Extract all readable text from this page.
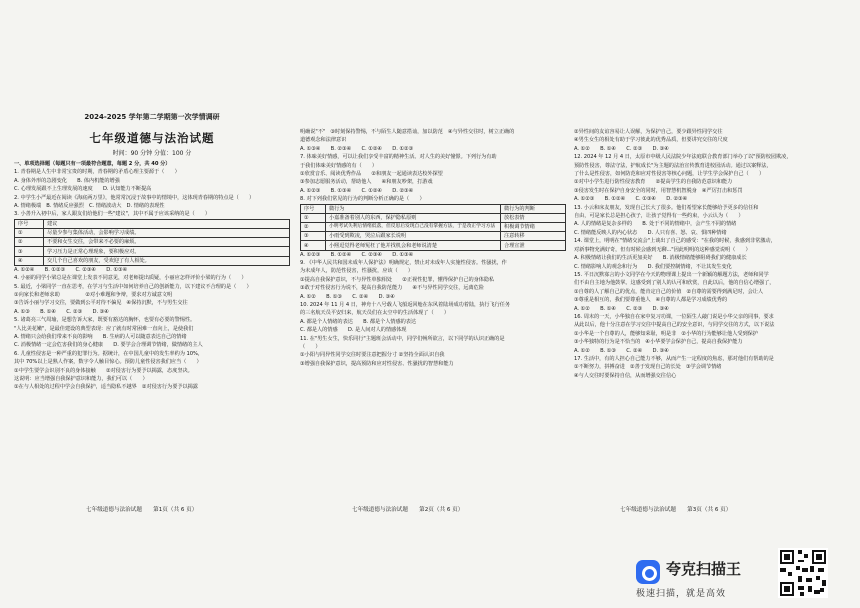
2024-2025 学年第二学期第一次学情调研
七年级道德与法治试题
时间：90 分钟 分值：100 分

一、单项选择题（每题只有一项最符合题意，每题 2 分，共 40 分）

1. 青春期是人生中非常宝贵的时期，青春期的矛盾心理主要源于（　　）

A. 身体外形的急剧变化　　B. 体内机能的增强

C. 心理发展跟不上生理发展的速度　　D. 认知能力不断提高

2. 中学生小严最近在阅读《海底两万里》，他常常沉浸于故事中的情境中，这体现青春期的特点是（　　）

A. 情绪极端　B. 情绪反应强烈　C. 情绪波动大　D. 情绪的表现性

3. 小善升入初中后，家人跟友们给他们一些"建议"，其中不属于应该采纳的是（　　）

序号	建议
①	尽量少参与集体活动，会影响学习成绩。
②	不要和女生交往，会带来不必要的麻烦。
③	学习压力是正常心理现象，要积极应对。
④	交几个自己喜欢的朋友，受欢迎了有人相处。

A. ①②④　　B. ①②③　　C. ②③④　　D. ①③④

4. 小丽的同学小梁总是在课堂上发表不同意见，对老师提出质疑，小丽应怎样评价小梁的行为（　　）

5. 最近，小梁同学一直在思考，在学习与生活中如何培养自己的创新能力，以下建议不合理的是（　　）

①向家长和老师求助　　　　　②对小难题和争辩，要求对方诚意文明

③告诉小丽与学习交往，要做到公平对待不偏见　④保持沉默，不与男生交往

A. ①③　　B. ①④　　C. ②③　　D. ③④

5. 诸葛亮三气周瑜，是想告诉大家，既要有豁达的胸怀，也要有必要的警惕性。

"人比美花嫩"，是最佳建设的典型表现：应了就有时常困难一直向上，是使我们

A. 情绪只会给我们带来不良的影响　　B. 生病的人可以随意表达自己的情绪

C. 消极情绪一定会危害我们的身心健康　　D. 要学会合理调节情绪，做情绪的主人

6. 儿童性侵害是一种严重的犯罪行为。据统计，在中国儿童中的发生率约为 10%，

其中 70%以上是熟人作案，数字令人触目惊心。预防儿童性侵害我们应当（　　）

①中学生要学会识别不良的身体接触　　②对侵害行为要予以揭露，态度坚决。

这说明：应当增强自我保护意识和能力，我们可以（　　）

①在与人相处的过程中学会自我保护，适当隐私不越界　②对侵害行为要予以揭露

明确说"不"　③时刻保持警惕，不与陌生人随意搭讪，加以防范　④与异性交往时，树立正确的

道德观念和法律意识

A. ①③④　　B. ②③④　　C. ①②④　　D. ①②③

7. 体味美好情感，可以让我们享受丰富的精神生活。对人生的美好憧憬。下列行为有助

于我们体味美好情感的有（　　）

①欣赏音乐、阅读优秀作品　　②和朋友一起通读表达校外探望

③参加志愿服务活动，帮助他人　　④和朋友吵架，打游戏

A. ①②③　　B. ①③④　　C. ①②④　　D. ②③④

8. 对下列我们常见的行为的判断分析正确的是（　　）

序号	微行为	微行为的判断
①	小嘉准备着别人的东西，保护隐私原则	放松表情
②	小明考试失利后情绪低落，但反思后发现自己没有掌握方法，于是改正学习方法	积极调节情绪
③	小雨受到欺凌，哭泣后跟家长说明	注意转移
④	小熙逗觉得老师冤枉了他并找机会和老师说清楚	合理宣泄

A. ①②③　　B. ①②④　　C. ②③④　　D. ①③④

9. 《中华人民共和国未成年人保护法》明确规定，禁止对未成年人实施性侵害。性骚扰，作

为未成年人，防范性侵害，性骚扰，应该（　　）

①提高自我保护意识，不与异性单独相处　　②正视性犯罪，懂得保护自己的身体隐私

③敢于对性侵害行为说不，提高自我防范能力　　④不与异性同学交往，远离危险

A. ①②　　B. ①③　　C. ②④　　D. ③④

10. 2024 年 11 月 4 日，神舟十八号载人飞船返回舱在东风着陆场成功着陆，执行飞行任务

的三名航天员平安归来，航天员们在太空中的生活体现了（　　）

A. 都是个人情绪的表达　　B. 都是个人情感的表达

C. 都是人的情感　　D. 是人间对人的情感体现

11. 在"男生女生，快乐同行"主题班会活动中，同学们畅所欲言，以下同学的认识正确的是

（　　）

①小阳与同异性同学交往时要注意把握分寸 ②坚持全面认识自我

③增强自我保护意识，提高预防和应对性侵害、性骚扰的智慧和能力

②异性间的友谊容易让人误解，为保护自己，要少跟异性同学交往

④男生女生的相处有助于学习彼此的优秀品质，但要讲究交往的尺度

A. ①②　　B. ①④　　C. ②③　　D. ③④

12. 2024 年 12 月 4 日，太原市中级人民法院少年法庭联合教育部门举办了以"预防校园欺凌，

预防性侵害，尊法守法，护航成长"为主题的法治宣传教育进校园活动。通过以案释法，

了什么是性侵害，如何防范和应对性侵害等核心问题，让学生学会保护自己（　　）

①对中小学生进行防性侵害教育　　②提高学生的自我防范意识和能力

③侵害发生时在保护自身安全的同时，用智慧机智脱身　④严厉打击和惩罚

A. ①②③　　B. ①②④　　C. ①③④　　D. ②③④

13. 小云和床友朋友，发现自己长大了很多。他们希望家长能够给予更多的信任和

自由，可是家长总是担心孩子，让孩子觉得有一些约束，小云认为（　　）

A. 人的情绪是复杂多样的　　B. 处于不同的情绪中，会产生不同的情绪

C. 情绪能反映人的内心状态　　D. 人只有喜、怒、哀、惧四种情绪

14. 课堂上，明明在"情绪交流会"上谈出了自己的感受："在我的时候，我感到非常激动，

对新事物充满好奇，但有时候会感到无聊..."因此明明的这种感觉说明（　　）

A. 积极情绪让我们的生活更加美好　　B. 消极情绪能够阻碍我们的健康成长

C. 情绪影响人的观念和行为　　D. 我们要控制情绪，不让其发生变化

15. 平日沉默寡言的小文同学在今天的物理课上提出一个新颖的解题方法，老师和同学

们不由自主地为他鼓掌。这感受到了别人的认可和欣赏，自此以后，他的自信心增强了，

①自尊的人了解自己的优点，能肯定自己的价值　②自尊的需要得到满足时，会让人

③尊重是相互的，我们要尊重他人　④自尊的人都是学习成绩优秀的

A. ①②　　B. ①④　　C. ②③　　D. ③④

16. 周末的一天，小华独自在家中复习功课，一位陌生人敲门说是小华父亲的同事，要求

从此以后，他十分注意在学习交往中提高自己的安全意识，与同学交往的方式，以下说法

①小华是一个自尊的人，能够知荣耻，明是非　②小华的行为能够让他人受到保护

③小华独特的行为是不恰当的　④小华要学会保护自己，提高自我保护能力

A. ①②　　B. ①③　　C. ②④　　D. ③④

17. 生活中，有的人担心自己能力不够，从而产生一定程度的焦虑，那对他们有帮助的是

①不断努力，拼搏奋进　②善于发现自己的长处　③学会调节情绪

④与人交往时要保持自信，从而增强交往信心

七年级道德与法治试题　　第1页（共 6 页）	七年级道德与法治试题　　第2页（共 6 页）	七年级道德与法治试题　　第3页（共 6 页）
夸克扫描王
极速扫描，就是高效
